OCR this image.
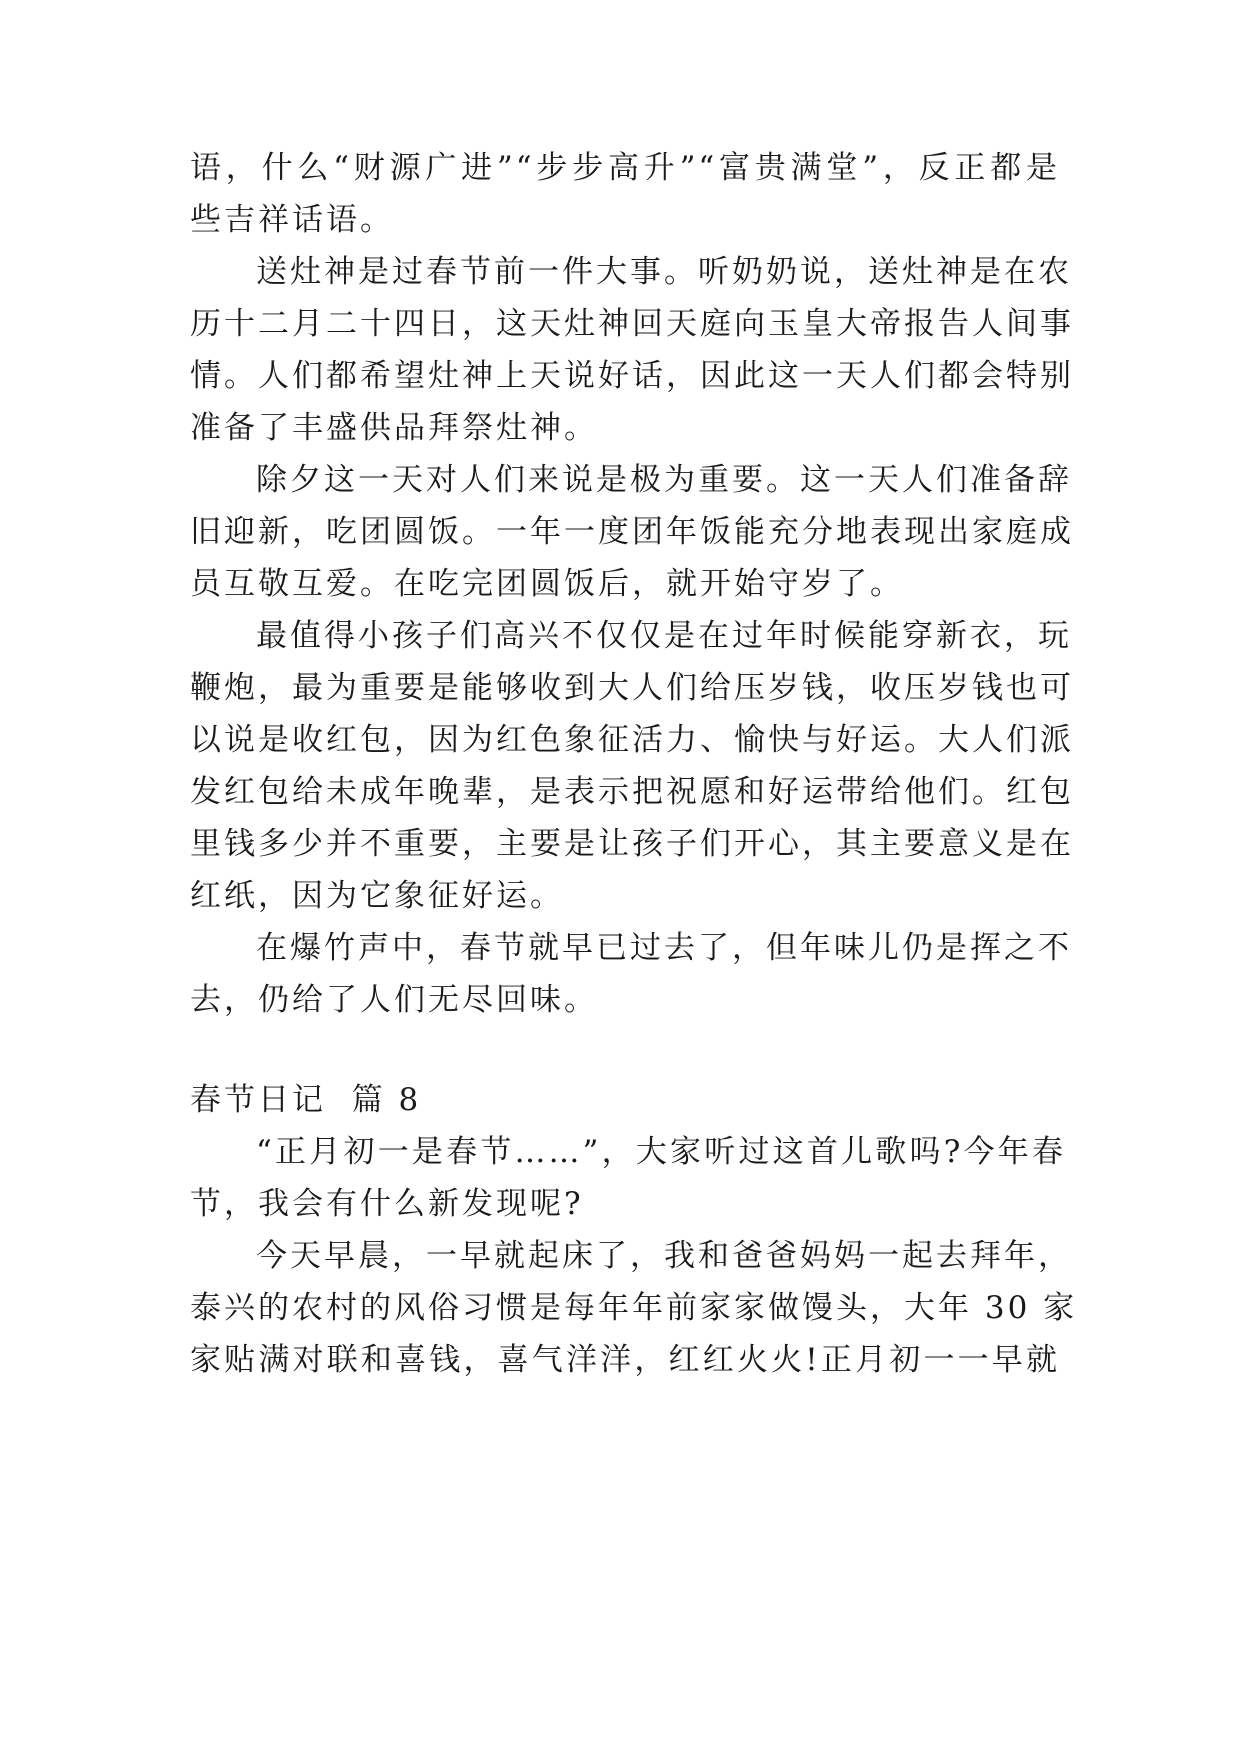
语，什么“财源广进”“步步高升”“富贵满堂”，反正都是
些吉祥话语。
送灶神是过春节前一件大事。听奶奶说，送灶神是在农
历十二月二十四日，这天灶神回天庭向玉皇大帝报告人间事
情。人们都希望灶神上天说好话，因此这一天人们都会特别
准备了丰盛供品拜祭灶神。
除夕这一天对人们来说是极为重要。这一天人们准备辞
旧迎新，吃团圆饭。一年一度团年饭能充分地表现出家庭成
员互敬互爱。在吃完团圆饭后，就开始守岁了。
最值得小孩子们高兴不仅仅是在过年时候能穿新衣，玩
鞭炮，最为重要是能够收到大人们给压岁钱，收压岁钱也可
以说是收红包，因为红色象征活力、愉快与好运。大人们派
发红包给未成年晚辈，是表示把祝愿和好运带给他们。红包
里钱多少并不重要，主要是让孩子们开心，其主要意义是在
红纸，因为它象征好运。
在爆竹声中，春节就早已过去了，但年味儿仍是挥之不
去，仍给了人们无尽回味。
春节日记  篇 8
“正月初一是春节……”，大家听过这首儿歌吗?今年春
节，我会有什么新发现呢?
今天早晨，一早就起床了，我和爸爸妈妈一起去拜年，
泰兴的农村的风俗习惯是每年年前家家做馒头，大年 30 家
家贴满对联和喜钱，喜气洋洋，红红火火!正月初一一早就
